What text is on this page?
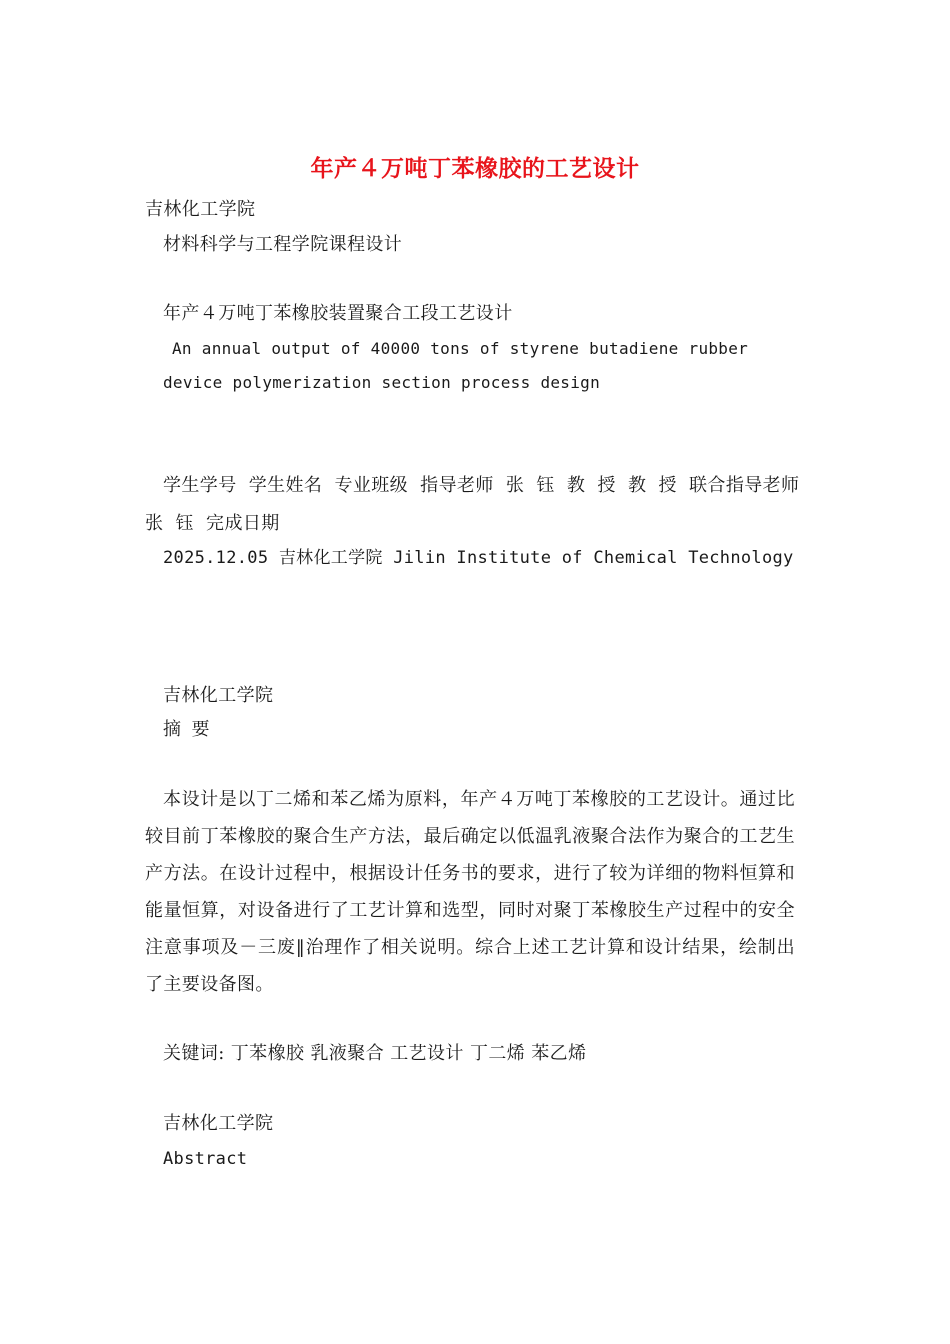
年产４万吨丁苯橡胶的工艺设计
吉林化工学院
材料科学与工程学院课程设计
年产４万吨丁苯橡胶装置聚合工段工艺设计
An annual output of 40000 tons of styrene butadiene rubber
device polymerization section process design
学生学号 学生姓名 专业班级 指导老师 张 钰 教 授 教 授 联合指导老师
张 钰 完成日期
2025.12.05 吉林化工学院 Jilin Institute of Chemical Technology
吉林化工学院
摘 要
本设计是以丁二烯和苯乙烯为原料，年产４万吨丁苯橡胶的工艺设计。通过比较目前丁苯橡胶的聚合生产方法，最后确定以低温乳液聚合法作为聚合的工艺生产方法。在设计过程中，根据设计任务书的要求，进行了较为详细的物料恒算和能量恒算，对设备进行了工艺计算和选型，同时对聚丁苯橡胶生产过程中的安全注意事项及－三废‖治理作了相关说明。综合上述工艺计算和设计结果，绘制出了主要设备图。
关键词: 丁苯橡胶 乳液聚合 工艺设计 丁二烯 苯乙烯
吉林化工学院
Abstract
